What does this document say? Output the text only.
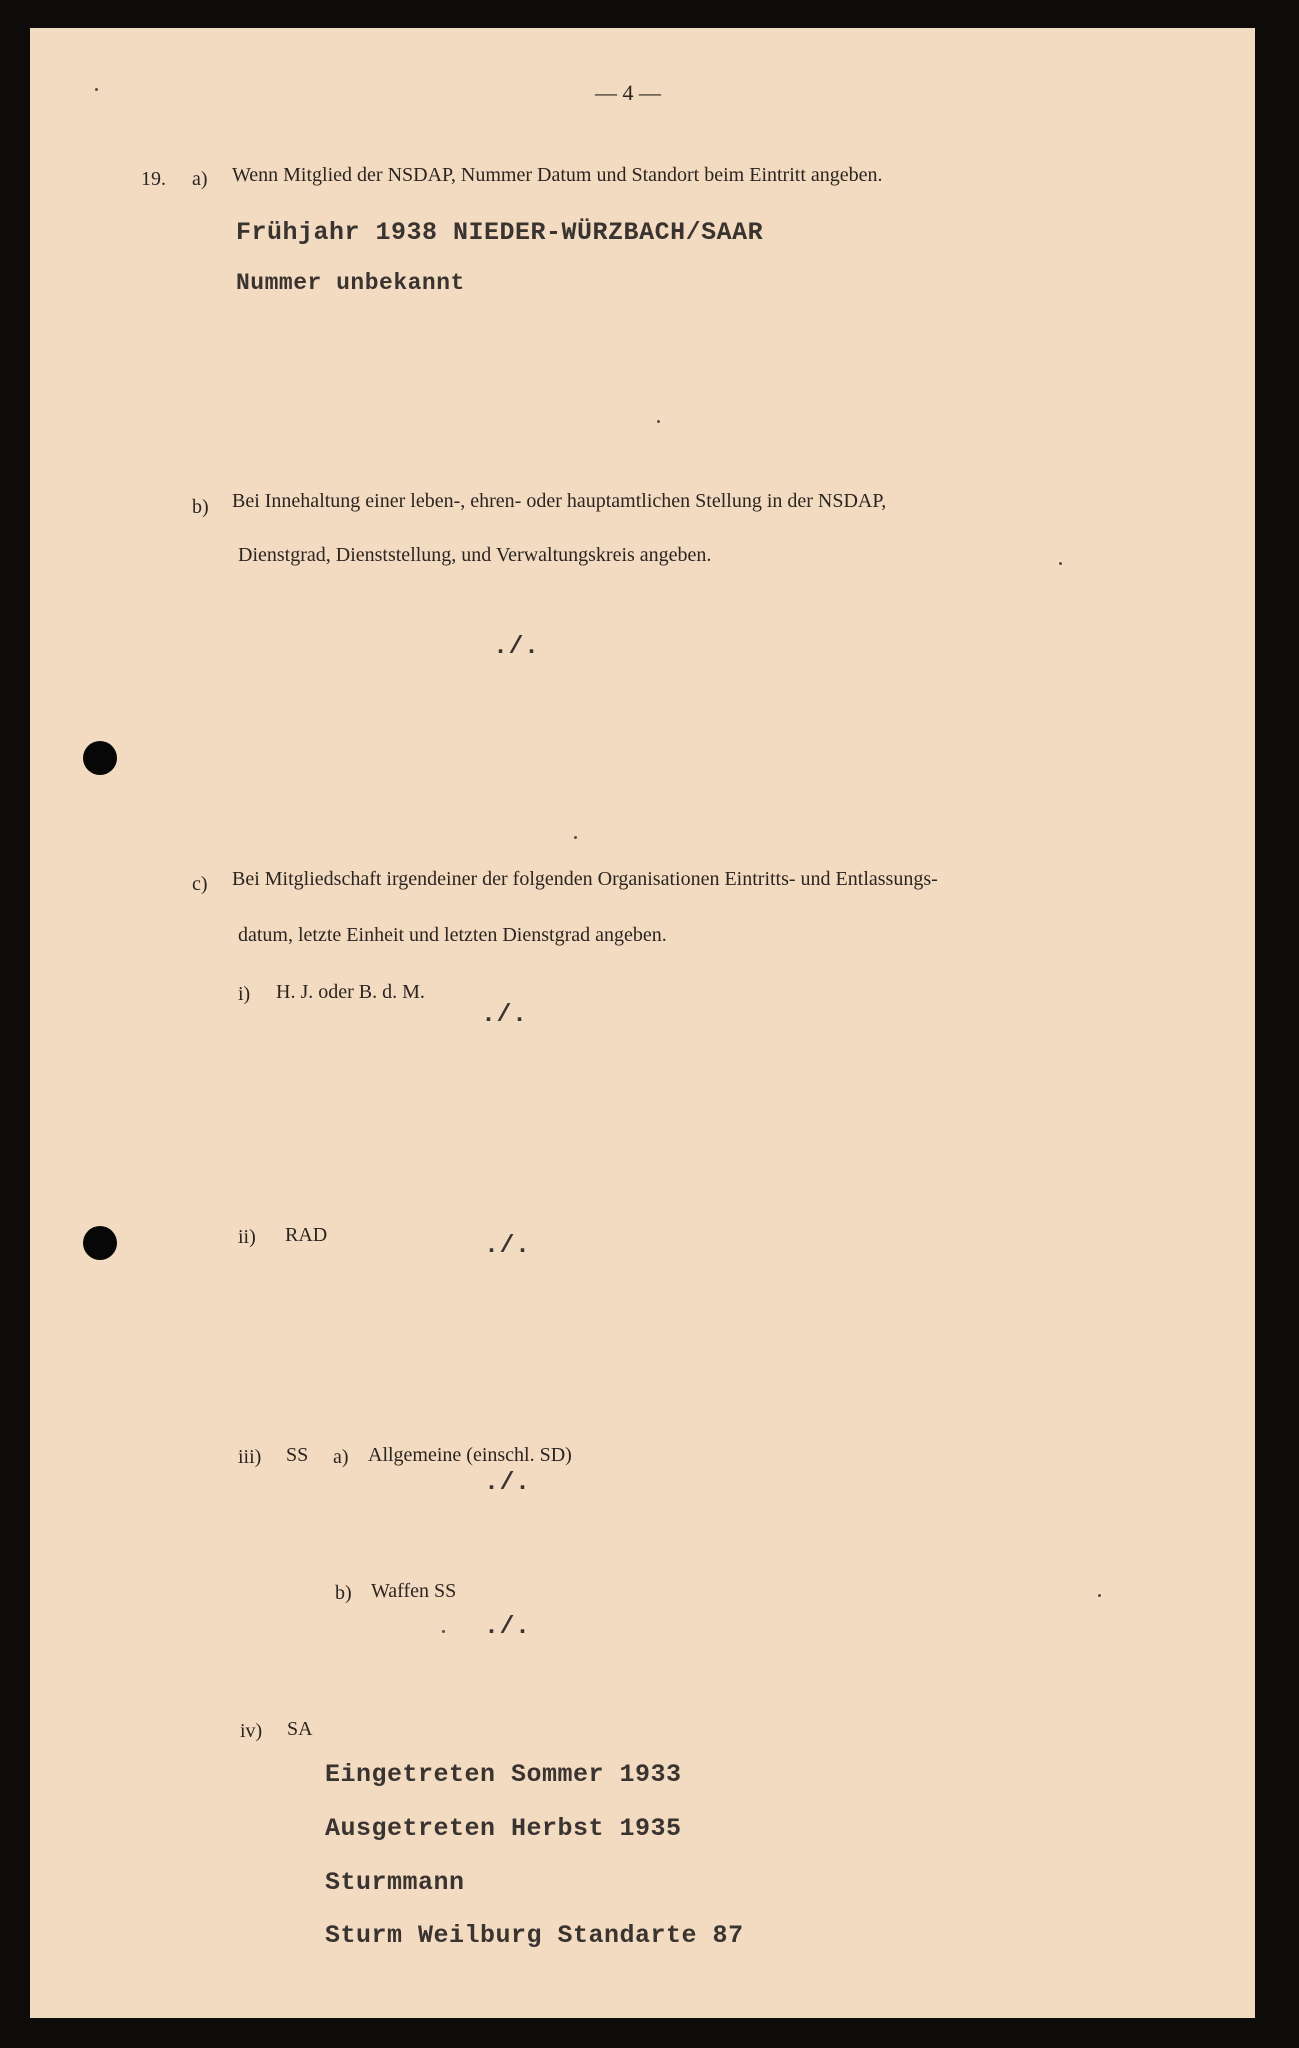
— 4 —
19. a) Wenn Mitglied der NSDAP, Nummer Datum und Standort beim Eintritt angeben.
Frühjahr 1938 NIEDER-WÜRZBACH/SAAR
Nummer unbekannt
b) Bei Innehaltung einer leben-, ehren- oder hauptamtlichen Stellung in der NSDAP,
Dienstgrad, Dienststellung, und Verwaltungskreis angeben.
./.
c) Bei Mitgliedschaft irgendeiner der folgenden Organisationen Eintritts- und Entlassungs-
datum, letzte Einheit und letzten Dienstgrad angeben.
i) H. J. oder B. d. M.
./.
ii) RAD	./.
iii) SS a) Allgemeine (einschl. SD)
./.
b) Waffen SS
./.
iv) SA
Eingetreten Sommer 1933
Ausgetreten Herbst 1935
Sturmmann
Sturm Weilburg Standarte 87
